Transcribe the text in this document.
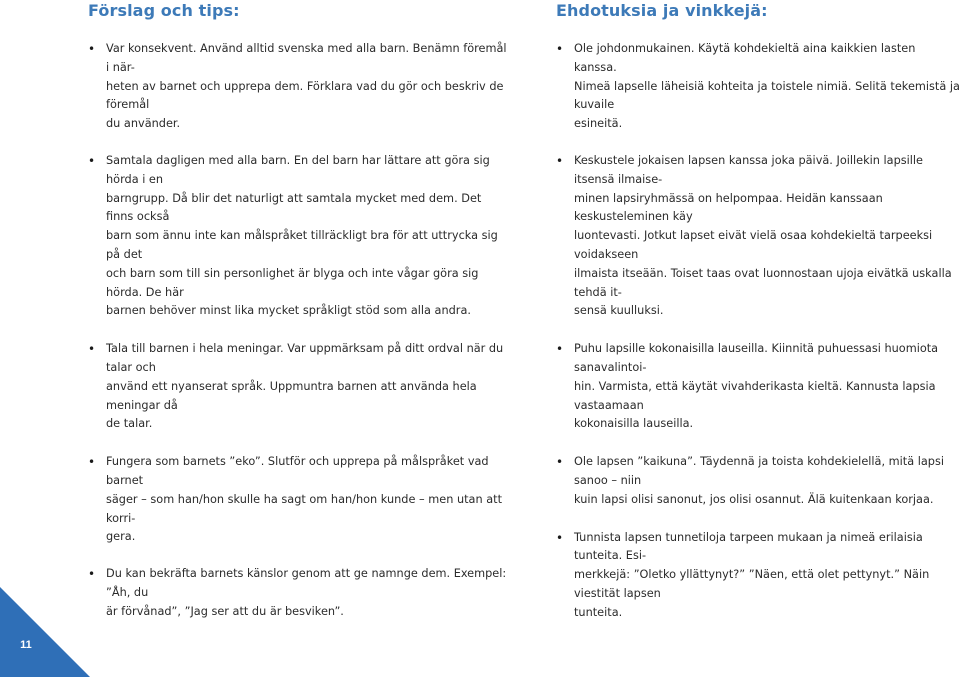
Förslag och tips:
• Var konsekvent. Använd alltid svenska med alla barn. Benämn föremål i när-
heten av barnet och upprepa dem. Förklara vad du gör och beskriv de föremål
du använder.
• Samtala dagligen med alla barn. En del barn har lättare att göra sig hörda i en
barngrupp. Då blir det naturligt att samtala mycket med dem. Det finns också
barn som ännu inte kan målspråket tillräckligt bra för att uttrycka sig på det
och barn som till sin personlighet är blyga och inte vågar göra sig hörda. De här
barnen behöver minst lika mycket språkligt stöd som alla andra.
• Tala till barnen i hela meningar. Var uppmärksam på ditt ordval när du talar och
använd ett nyanserat språk. Uppmuntra barnen att använda hela meningar då
de talar.
• Fungera som barnets ”eko”. Slutför och upprepa på målspråket vad barnet
säger – som han/hon skulle ha sagt om han/hon kunde – men utan att korri-
gera.
• Du kan bekräfta barnets känslor genom att ge namnge dem. Exempel: ”Åh, du
är förvånad”, ”Jag ser att du är besviken”.
Ehdotuksia ja vinkkejä:
• Ole johdonmukainen. Käytä kohdekieltä aina kaikkien lasten kanssa.
Nimeä lapselle läheisiä kohteita ja toistele nimiä. Selitä tekemistä ja kuvaile
esineitä.
• Keskustele jokaisen lapsen kanssa joka päivä. Joillekin lapsille itsensä ilmaise-
minen lapsiryhmässä on helpompaa. Heidän kanssaan keskusteleminen käy
luontevasti. Jotkut lapset eivät vielä osaa kohdekieltä tarpeeksi voidakseen
ilmaista itseään. Toiset taas ovat luonnostaan ujoja eivätkä uskalla tehdä it-
sensä kuulluksi.
• Puhu lapsille kokonaisilla lauseilla. Kiinnitä puhuessasi huomiota sanavalintoi-
hin. Varmista, että käytät vivahderikasta kieltä. Kannusta lapsia vastaamaan
kokonaisilla lauseilla.
• Ole lapsen ”kaikuna”. Täydennä ja toista kohdekielellä, mitä lapsi sanoo – niin
kuin lapsi olisi sanonut, jos olisi osannut. Älä kuitenkaan korjaa.
• Tunnista lapsen tunnetiloja tarpeen mukaan ja nimeä erilaisia tunteita. Esi-
merkkejä: ”Oletko yllättynyt?” ”Näen, että olet pettynyt.” Näin viestität lapsen
tunteita.
11
